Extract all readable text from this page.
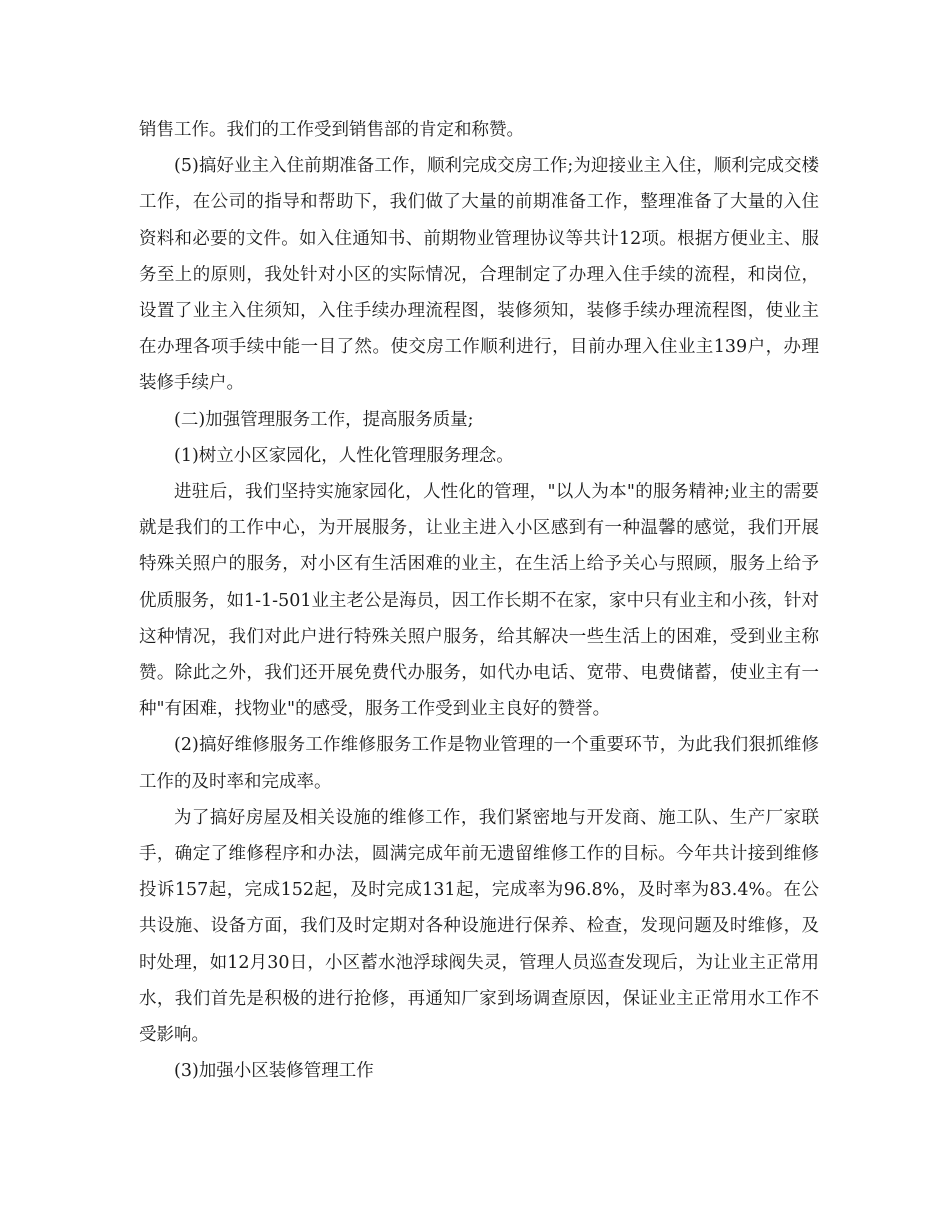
销售工作。我们的工作受到销售部的肯定和称赞。

(5)搞好业主入住前期准备工作，顺利完成交房工作;为迎接业主入住，顺利完成交楼工作，在公司的指导和帮助下，我们做了大量的前期准备工作，整理准备了大量的入住资料和必要的文件。如入住通知书、前期物业管理协议等共计12项。根据方便业主、服务至上的原则，我处针对小区的实际情况，合理制定了办理入住手续的流程，和岗位，设置了业主入住须知，入住手续办理流程图，装修须知，装修手续办理流程图，使业主在办理各项手续中能一目了然。使交房工作顺利进行，目前办理入住业主139户，办理装修手续户。

(二)加强管理服务工作，提高服务质量;

(1)树立小区家园化，人性化管理服务理念。

进驻后，我们坚持实施家园化，人性化的管理，"以人为本"的服务精神;业主的需要就是我们的工作中心，为开展服务，让业主进入小区感到有一种温馨的感觉，我们开展特殊关照户的服务，对小区有生活困难的业主，在生活上给予关心与照顾，服务上给予优质服务，如1-1-501业主老公是海员，因工作长期不在家，家中只有业主和小孩，针对这种情况，我们对此户进行特殊关照户服务，给其解决一些生活上的困难，受到业主称赞。除此之外，我们还开展免费代办服务，如代办电话、宽带、电费储蓄，使业主有一种"有困难，找物业"的感受，服务工作受到业主良好的赞誉。

(2)搞好维修服务工作维修服务工作是物业管理的一个重要环节，为此我们狠抓维修工作的及时率和完成率。

为了搞好房屋及相关设施的维修工作，我们紧密地与开发商、施工队、生产厂家联手，确定了维修程序和办法，圆满完成年前无遗留维修工作的目标。今年共计接到维修投诉157起，完成152起，及时完成131起，完成率为96.8%，及时率为83.4%。在公共设施、设备方面，我们及时定期对各种设施进行保养、检查，发现问题及时维修，及时处理，如12月30日，小区蓄水池浮球阀失灵，管理人员巡查发现后，为让业主正常用水，我们首先是积极的进行抢修，再通知厂家到场调查原因，保证业主正常用水工作不受影响。

(3)加强小区装修管理工作
